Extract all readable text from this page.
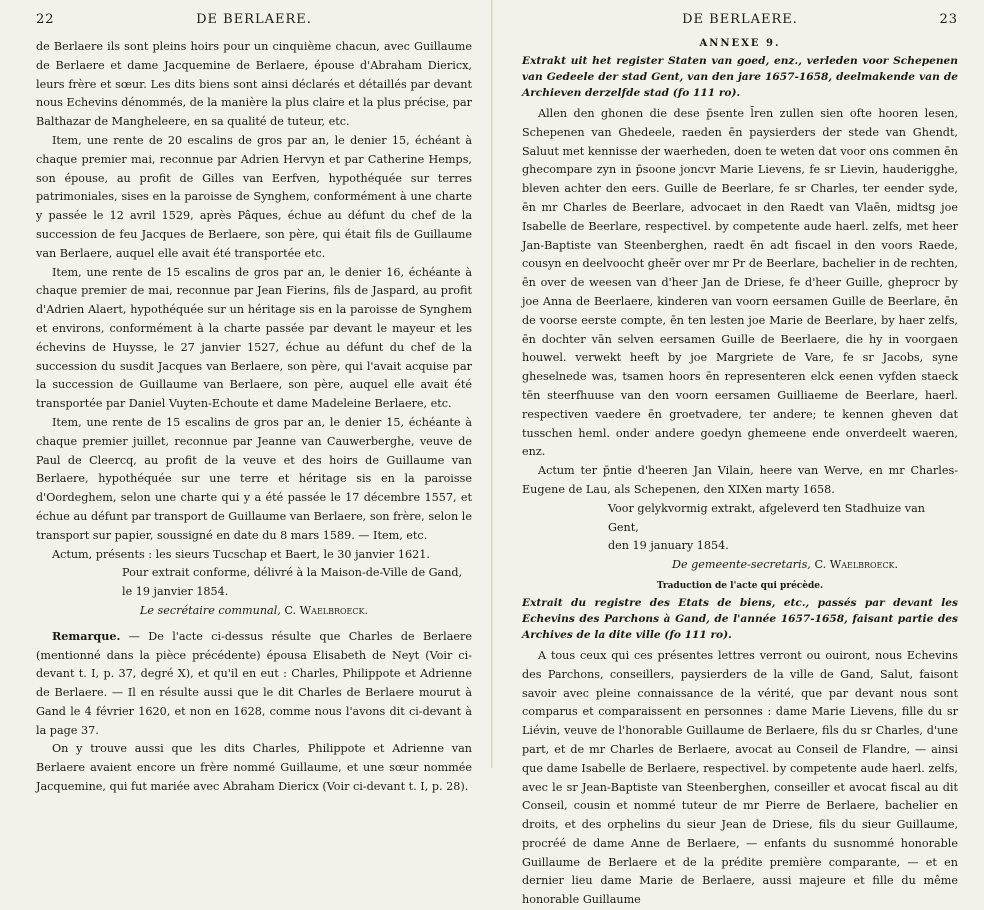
22	DE BERLAERE.

de Berlaere ils sont pleins hoirs pour un cinquième chacun, avec Guillaume de Berlaere et dame Jacquemine de Berlaere, épouse d'Abraham Diericx, leurs frère et sœur. Les dits biens sont ainsi déclarés et détaillés par devant nous Echevins dénommés, de la manière la plus claire et la plus précise, par Balthazar de Mangheleere, en sa qualité de tuteur, etc.

Item, une rente de 20 escalins de gros par an, le denier 15, échéant à chaque premier mai, reconnue par Adrien Hervyn et par Catherine Hemps, son épouse, au profit de Gilles van Eerfven, hypothéquée sur terres patrimoniales, sises en la paroisse de Synghem, conformément à une charte y passée le 12 avril 1529, après Pâques, échue au défunt du chef de la succession de feu Jacques de Berlaere, son père, qui était fils de Guillaume van Berlaere, auquel elle avait été transportée etc.

Item, une rente de 15 escalins de gros par an, le denier 16, échéante à chaque premier de mai, reconnue par Jean Fierins, fils de Jaspard, au profit d'Adrien Alaert, hypothéquée sur un héritage sis en la paroisse de Synghem et environs, conformément à la charte passée par devant le mayeur et les échevins de Huysse, le 27 janvier 1527, échue au défunt du chef de la succession du susdit Jacques van Berlaere, son père, qui l'avait acquise par la succession de Guillaume van Berlaere, son père, auquel elle avait été transportée par Daniel Vuyten-Echoute et dame Madeleine Berlaere, etc.

Item, une rente de 15 escalins de gros par an, le denier 15, échéante à chaque premier juillet, reconnue par Jeanne van Cauwerberghe, veuve de Paul de Cleercq, au profit de la veuve et des hoirs de Guillaume van Berlaere, hypothéquée sur une terre et héritage sis en la paroisse d'Oordeghem, selon une charte qui y a été passée le 17 décembre 1557, et échue au défunt par transport de Guillaume van Berlaere, son frère, selon le transport sur papier, soussigné en date du 8 mars 1589. — Item, etc.

Actum, présents : les sieurs Tucschap et Baert, le 30 janvier 1621.

Pour extrait conforme, délivré à la Maison-de-Ville de Gand,

le 19 janvier 1854.

Le secrétaire communal, C. Waelbroeck.

Remarque. — De l'acte ci-dessus résulte que Charles de Berlaere (mentionné dans la pièce précédente) épousa Elisabeth de Neyt (Voir ci-devant t. I, p. 37, degré X), et qu'il en eut : Charles, Philippote et Adrienne de Berlaere. — Il en résulte aussi que le dit Charles de Berlaere mourut à Gand le 4 février 1620, et non en 1628, comme nous l'avons dit ci-devant à la page 37.

On y trouve aussi que les dits Charles, Philippote et Adrienne van Berlaere avaient encore un frère nommé Guillaume, et une sœur nommée Jacquemine, qui fut mariée avec Abraham Diericx (Voir ci-devant t. I, p. 28).

DE BERLAERE.	23

ANNEXE 9.

Extrakt uit het register Staten van goed, enz., verleden voor Schepenen van Gedeele der stad Gent, van den jare 1657-1658, deelmakende van de Archieven derzelfde stad (fo 111 ro).

Allen den ghonen die dese p̄sente l̄ren zullen sien ofte hooren lesen, Schepenen van Ghedeele, raeden ēn paysierders der stede van Ghendt, Saluut met kennisse der waerheden, doen te weten dat voor ons commen ēn ghecompare zyn in p̄soone joncvr Marie Lievens, fe sr Lievin, hauderigghe, bleven achter den eers. Guille de Beerlare, fe sr Charles, ter eender syde, ēn mr Charles de Beerlare, advocaet in den Raedt van Vlaēn, midtsg joe Isabelle de Beerlare, respectivel. by competente aude haerl. zelfs, met heer Jan-Baptiste van Steenberghen, raedt ēn adt fiscael in den voors Raede, cousyn en deelvoocht gheēr over mr Pr de Beerlare, bachelier in de rechten, ēn over de weesen van d'heer Jan de Driese, fe d'heer Guille, gheprocr by joe Anna de Beerlaere, kinderen van voorn eersamen Guille de Beerlare, ēn de voorse eerste compte, ēn ten lesten joe Marie de Beerlare, by haer zelfs, ēn dochter vān selven eersamen Guille de Beerlaere, die hy in voorgaen houwel. verwekt heeft by joe Margriete de Vare, fe sr Jacobs, syne gheselnede was, tsamen hoors ēn representeren elck eenen vyfden staeck tēn steerfhuuse van den voorn eersamen Guilliaeme de Beerlare, haerl. respectiven vaedere ēn groetvadere, ter andere; te kennen gheven dat tusschen heml. onder andere goedyn ghemeene ende onverdeelt waeren, enz.

Actum ter p̄ntie d'heeren Jan Vilain, heere van Werve, en mr Charles-Eugene de Lau, als Schepenen, den XIXen marty 1658.

Voor gelykvormig extrakt, afgeleverd ten Stadhuize van Gent,

den 19 january 1854.

De gemeente-secretaris, C. Waelbroeck.

Traduction de l'acte qui précède.

Extrait du registre des Etats de biens, etc., passés par devant les Echevins des Parchons à Gand, de l'année 1657-1658, faisant partie des Archives de la dite ville (fo 111 ro).

A tous ceux qui ces présentes lettres verront ou ouiront, nous Echevins des Parchons, conseillers, paysierders de la ville de Gand, Salut, faisont savoir avec pleine connaissance de la vérité, que par devant nous sont comparus et comparaissent en personnes : dame Marie Lievens, fille du sr Liévin, veuve de l'honorable Guillaume de Berlaere, fils du sr Charles, d'une part, et de mr Charles de Berlaere, avocat au Conseil de Flandre, — ainsi que dame Isabelle de Berlaere, respectivel. by competente aude haerl. zelfs, avec le sr Jean-Baptiste van Steenberghen, conseiller et avocat fiscal au dit Conseil, cousin et nommé tuteur de mr Pierre de Berlaere, bachelier en droits, et des orphelins du sieur Jean de Driese, fils du sieur Guillaume, procréé de dame Anne de Berlaere, — enfants du susnommé honorable Guillaume de Berlaere et de la prédite première comparante, — et en dernier lieu dame Marie de Berlaere, aussi majeure et fille du même honorable Guillaume
